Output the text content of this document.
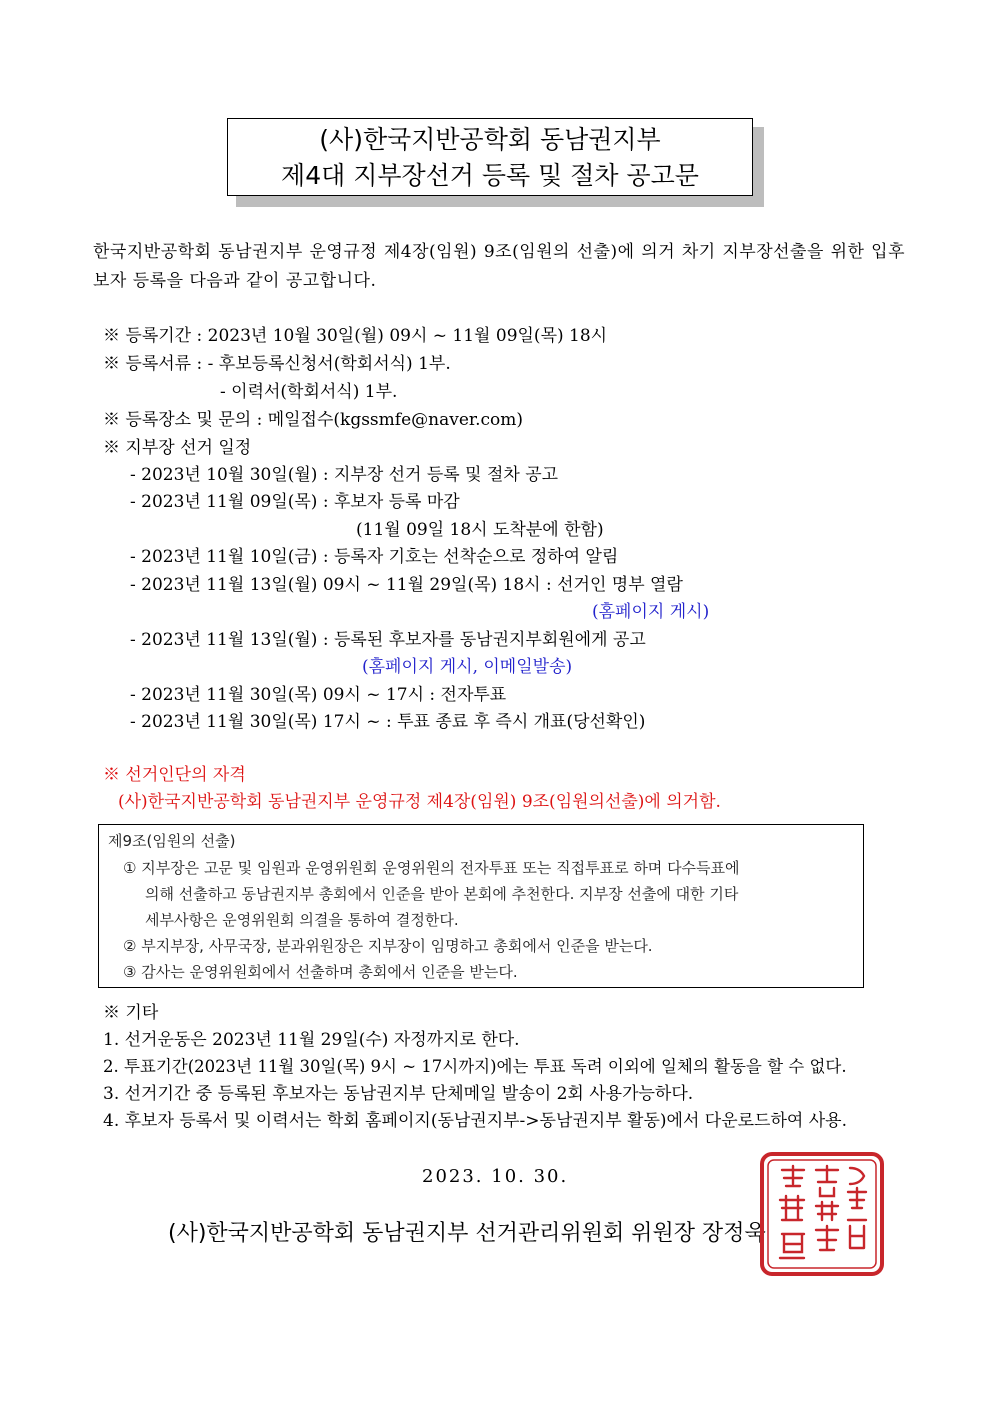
(사)한국지반공학회 동남권지부
제4대 지부장선거 등록 및 절차 공고문
한국지반공학회 동남권지부 운영규정 제4장(임원) 9조(임원의 선출)에 의거 차기 지부장선출을 위한 입후보자 등록을 다음과 같이 공고합니다.
※ 등록기간 : 2023년 10월 30일(월) 09시 ~ 11월 09일(목) 18시
※ 등록서류 : - 후보등록신청서(학회서식) 1부.
- 이력서(학회서식) 1부.
※ 등록장소 및 문의 : 메일접수(kgssmfe@naver.com)
※ 지부장 선거 일정
- 2023년 10월 30일(월) : 지부장 선거 등록 및 절차 공고
- 2023년 11월 09일(목) : 후보자 등록 마감
(11월 09일 18시 도착분에 한함)
- 2023년 11월 10일(금) : 등록자 기호는 선착순으로 정하여 알림
- 2023년 11월 13일(월) 09시 ~ 11월 29일(목) 18시 : 선거인 명부 열람
(홈페이지 게시)
- 2023년 11월 13일(월) : 등록된 후보자를 동남권지부회원에게 공고
(홈페이지 게시, 이메일발송)
- 2023년 11월 30일(목) 09시 ~ 17시 : 전자투표
- 2023년 11월 30일(목) 17시 ~ : 투표 종료 후 즉시 개표(당선확인)
※ 선거인단의 자격
(사)한국지반공학회 동남권지부 운영규정 제4장(임원) 9조(임원의선출)에 의거함.
제9조(임원의 선출)
① 지부장은 고문 및 임원과 운영위원회 운영위원의 전자투표 또는 직접투표로 하며 다수득표에
의해 선출하고 동남권지부 총회에서 인준을 받아 본회에 추천한다. 지부장 선출에 대한 기타
세부사항은 운영위원회 의결을 통하여 결정한다.
② 부지부장, 사무국장, 분과위원장은 지부장이 임명하고 총회에서 인준을 받는다.
③ 감사는 운영위원회에서 선출하며 총회에서 인준을 받는다.
※ 기타
1. 선거운동은 2023년 11월 29일(수) 자정까지로 한다.
2. 투표기간(2023년 11월 30일(목) 9시 ~ 17시까지)에는 투표 독려 이외에 일체의 활동을 할 수 없다.
3. 선거기간 중 등록된 후보자는 동남권지부 단체메일 발송이 2회 사용가능하다.
4. 후보자 등록서 및 이력서는 학회 홈페이지(동남권지부->동남권지부 활동)에서 다운로드하여 사용.
2023. 10. 30.
(사)한국지반공학회 동남권지부 선거관리위원회 위원장 장정욱
